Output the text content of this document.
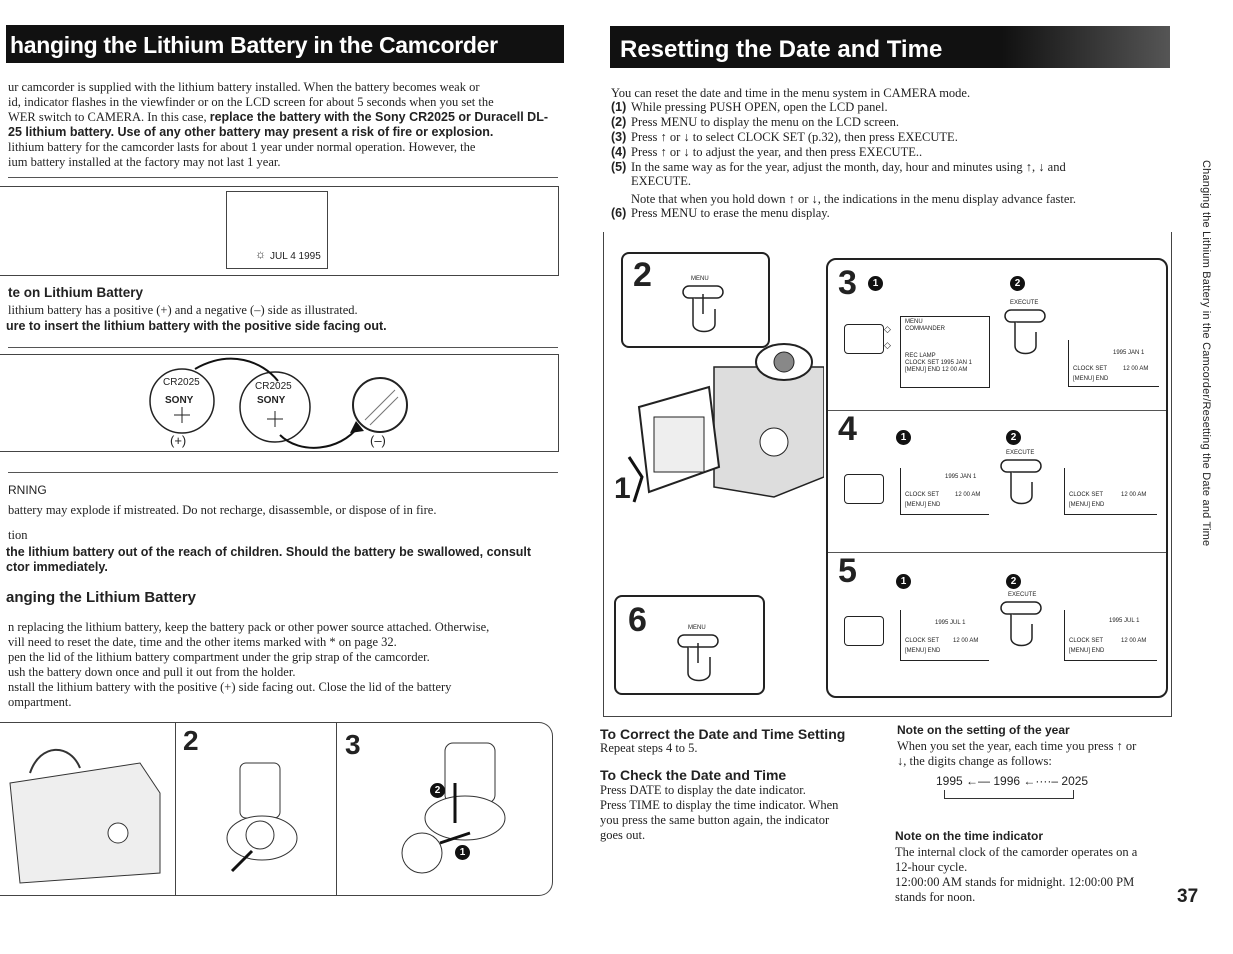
hanging the Lithium Battery in the Camcorder
ur camcorder is supplied with the lithium battery installed. When the battery becomes weak or
id, indicator flashes in the viewfinder or on the LCD screen for about 5 seconds when you set the
WER switch to CAMERA. In this case, replace the battery with the Sony CR2025 or Duracell DL-
25 lithium battery. Use of any other battery may present a risk of fire or explosion.
lithium battery for the camcorder lasts for about 1 year under normal operation. However, the
ium battery installed at the factory may not last 1 year.
☼ JUL 4 1995
te on Lithium Battery
lithium battery has a positive (+) and a negative (–) side as illustrated.
ure to insert the lithium battery with the positive side facing out.
CR2025
SONY
CR2025
SONY
(+)	(–)
RNING
battery may explode if mistreated. Do not recharge, disassemble, or dispose of in fire.
tion
the lithium battery out of the reach of children. Should the battery be swallowed, consult
ctor immediately.
anging the Lithium Battery
n replacing the lithium battery, keep the battery pack or other power source attached. Otherwise,
vill need to reset the date, time and the other items marked with * on page 32.
pen the lid of the lithium battery compartment under the grip strap of the camcorder.
ush the battery down once and pull it out from the holder.
nstall the lithium battery with the positive (+) side facing out. Close the lid of the battery
ompartment.
2	3
2
1
Resetting the Date and Time
You can reset the date and time in the menu system in CAMERA mode.
(1) While pressing PUSH OPEN, open the LCD panel.
(2) Press MENU to display the menu on the LCD screen.
(3) Press ↑ or ↓ to select CLOCK SET (p.32), then press EXECUTE.
(4) Press ↑ or ↓ to adjust the year, and then press EXECUTE..
(5) In the same way as for the year, adjust the month, day, hour and minutes using ↑, ↓ and
EXECUTE.
Note that when you hold down ↑ or ↓, the indications in the menu display advance faster.
(6) Press MENU to erase the menu display.
2	MENU
6	MENU
1
3	1	2
◇
◇
MENU
COMMANDER
REC LAMP
CLOCK SET 1995 JAN 1
[MENU] END 12 00 AM
EXECUTE
1995 JAN 1
CLOCK SET	12 00 AM
[MENU] END
4	1	2
1995 JAN 1
CLOCK SET	12 00 AM
[MENU] END
EXECUTE
CLOCK SET	12 00 AM
[MENU] END
5	1	2
1995 JUL 1
CLOCK SET 12 00 AM
[MENU] END
EXECUTE
1995 JUL 1
CLOCK SET	12 00 AM
[MENU] END
To Correct the Date and Time Setting
Repeat steps 4 to 5.
To Check the Date and Time
Press DATE to display the date indicator.
Press TIME to display the time indicator. When
you press the same button again, the indicator
goes out.
Note on the setting of the year
When you set the year, each time you press ↑ or
↓, the digits change as follows:
1995 ←— 1996 ←····– 2025
Note on the time indicator
The internal clock of the camorder operates on a
12-hour cycle.
12:00:00 AM stands for midnight. 12:00:00 PM
stands for noon.
Changing the Lithium Battery in the Camcorder/Resetting the Date and Time
37
